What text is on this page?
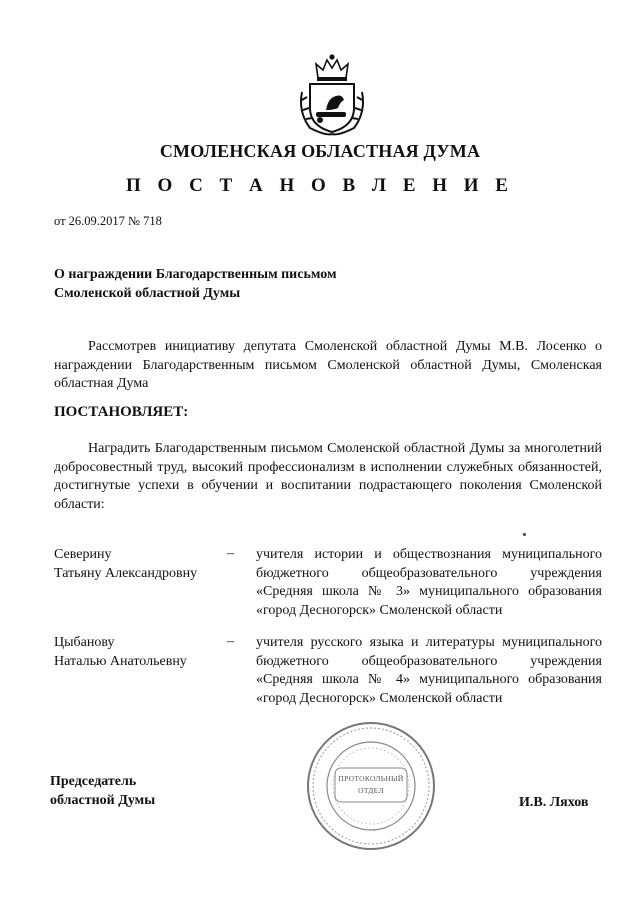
СМОЛЕНСКАЯ ОБЛАСТНАЯ ДУМА
П О С Т А Н О В Л Е Н И Е
от 26.09.2017 № 718
О награждении Благодарственным письмом
Смоленской областной Думы
Рассмотрев инициативу депутата Смоленской областной Думы М.В. Лосенко о награждении Благодарственным письмом Смоленской областной Думы, Смоленская областная Дума
ПОСТАНОВЛЯЕТ:
Наградить Благодарственным письмом Смоленской областной Думы за многолетний добросовестный труд, высокий профессионализм в исполнении служебных обязанностей, достигнутые успехи в обучении и воспитании подрастающего поколения Смоленской области:
Северину
Татьяну Александровну
– учителя истории и обществознания муниципального бюджетного общеобразовательного учреждения «Средняя школа № 3» муниципального образования «город Десногорск» Смоленской области
Цыбанову
Наталью Анатольевну
– учителя русского языка и литературы муниципального бюджетного общеобразовательного учреждения «Средняя школа № 4» муниципального образования «город Десногорск» Смоленской области
Председатель
областной Думы	И.В. Ляхов
ПРОТОКОЛЬНЫЙ
ОТДЕЛ
